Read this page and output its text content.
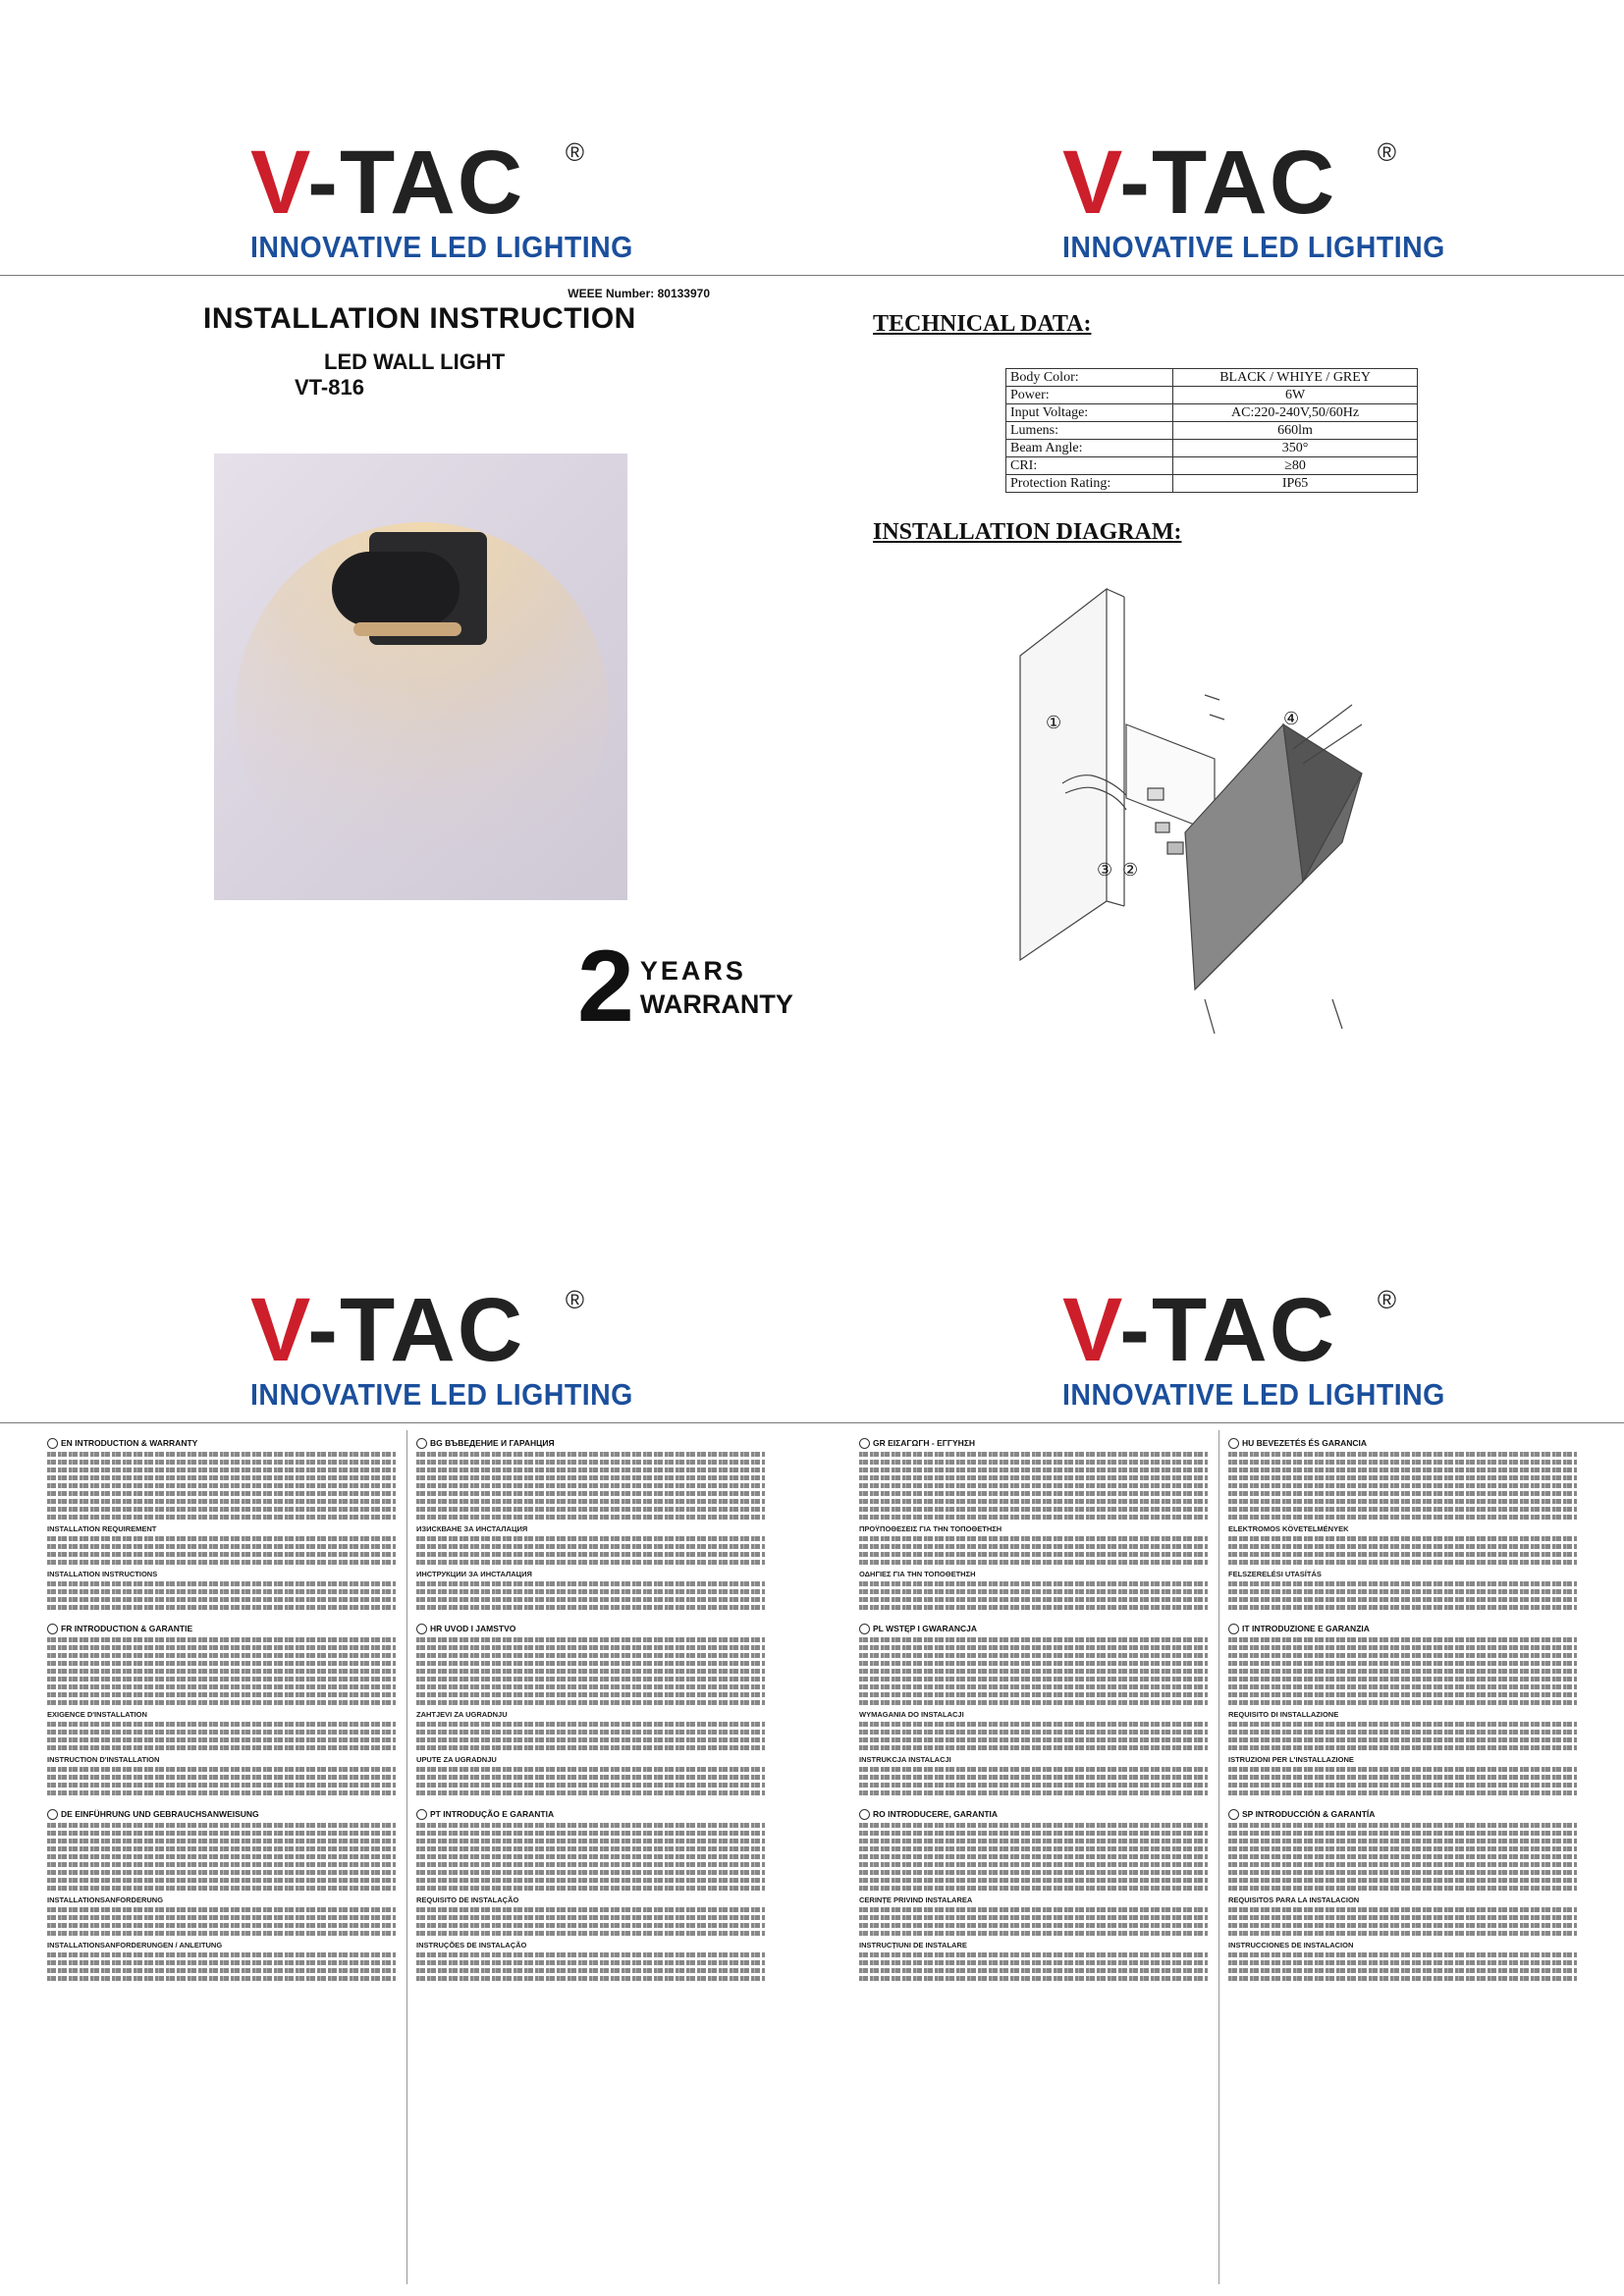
V-TAC	®
INNOVATIVE LED LIGHTING
WEEE Number: 80133970
INSTALLATION INSTRUCTION
LED WALL LIGHT
VT-816
2 YEARS
WARRANTY
V-TAC	®
INNOVATIVE LED LIGHTING
TECHNICAL DATA:
Body Color:	BLACK / WHIYE / GREY
Power:	6W
Input Voltage:	AC:220-240V,50/60Hz
Lumens:	660lm
Beam Angle:	350°
CRI:	≥80
Protection Rating:	IP65
INSTALLATION DIAGRAM:
①
②
③
④
V-TAC	®
INNOVATIVE LED LIGHTING
EN INTRODUCTION & WARRANTY
INSTALLATION REQUIREMENT
INSTALLATION INSTRUCTIONS
FR INTRODUCTION & GARANTIE
EXIGENCE D'INSTALLATION
INSTRUCTION D'INSTALLATION
DE EINFÜHRUNG UND GEBRAUCHSANWEISUNG
INSTALLATIONSANFORDERUNG
INSTALLATIONSANFORDERUNGEN / ANLEITUNG
BG ВЪВЕДЕНИЕ И ГАРАНЦИЯ
ИЗИСКВАНЕ ЗА ИНСТАЛАЦИЯ
ИНСТРУКЦИИ ЗА ИНСТАЛАЦИЯ
HR UVOD I JAMSTVO
ZAHTJEVI ZA UGRADNJU
UPUTE ZA UGRADNJU
PT INTRODUÇÃO E GARANTIA
REQUISITO DE INSTALAÇÃO
INSTRUÇÕES DE INSTALAÇÃO
V-TAC	®
INNOVATIVE LED LIGHTING
GR ΕΙΣΑΓΩΓΗ - ΕΓΓΥΗΣΗ
ΠΡΟΫΠΟΘΕΣΕΙΣ ΓΙΑ ΤΗΝ ΤΟΠΟΘΕΤΗΣΗ
ΟΔΗΓΙΕΣ ΓΙΑ ΤΗΝ ΤΟΠΟΘΕΤΗΣΗ
PL WSTĘP I GWARANCJA
WYMAGANIA DO INSTALACJI
INSTRUKCJA INSTALACJI
RO INTRODUCERE, GARANTIA
CERINȚE PRIVIND INSTALAREA
INSTRUCȚIUNI DE INSTALARE
HU BEVEZETÉS ÉS GARANCIA
ELEKTROMOS KÖVETELMÉNYEK
FELSZERELÉSI UTASÍTÁS
IT INTRODUZIONE E GARANZIA
REQUISITO DI INSTALLAZIONE
ISTRUZIONI PER L'INSTALLAZIONE
SP INTRODUCCIÓN & GARANTÍA
REQUISITOS PARA LA INSTALACION
INSTRUCCIONES DE INSTALACION
